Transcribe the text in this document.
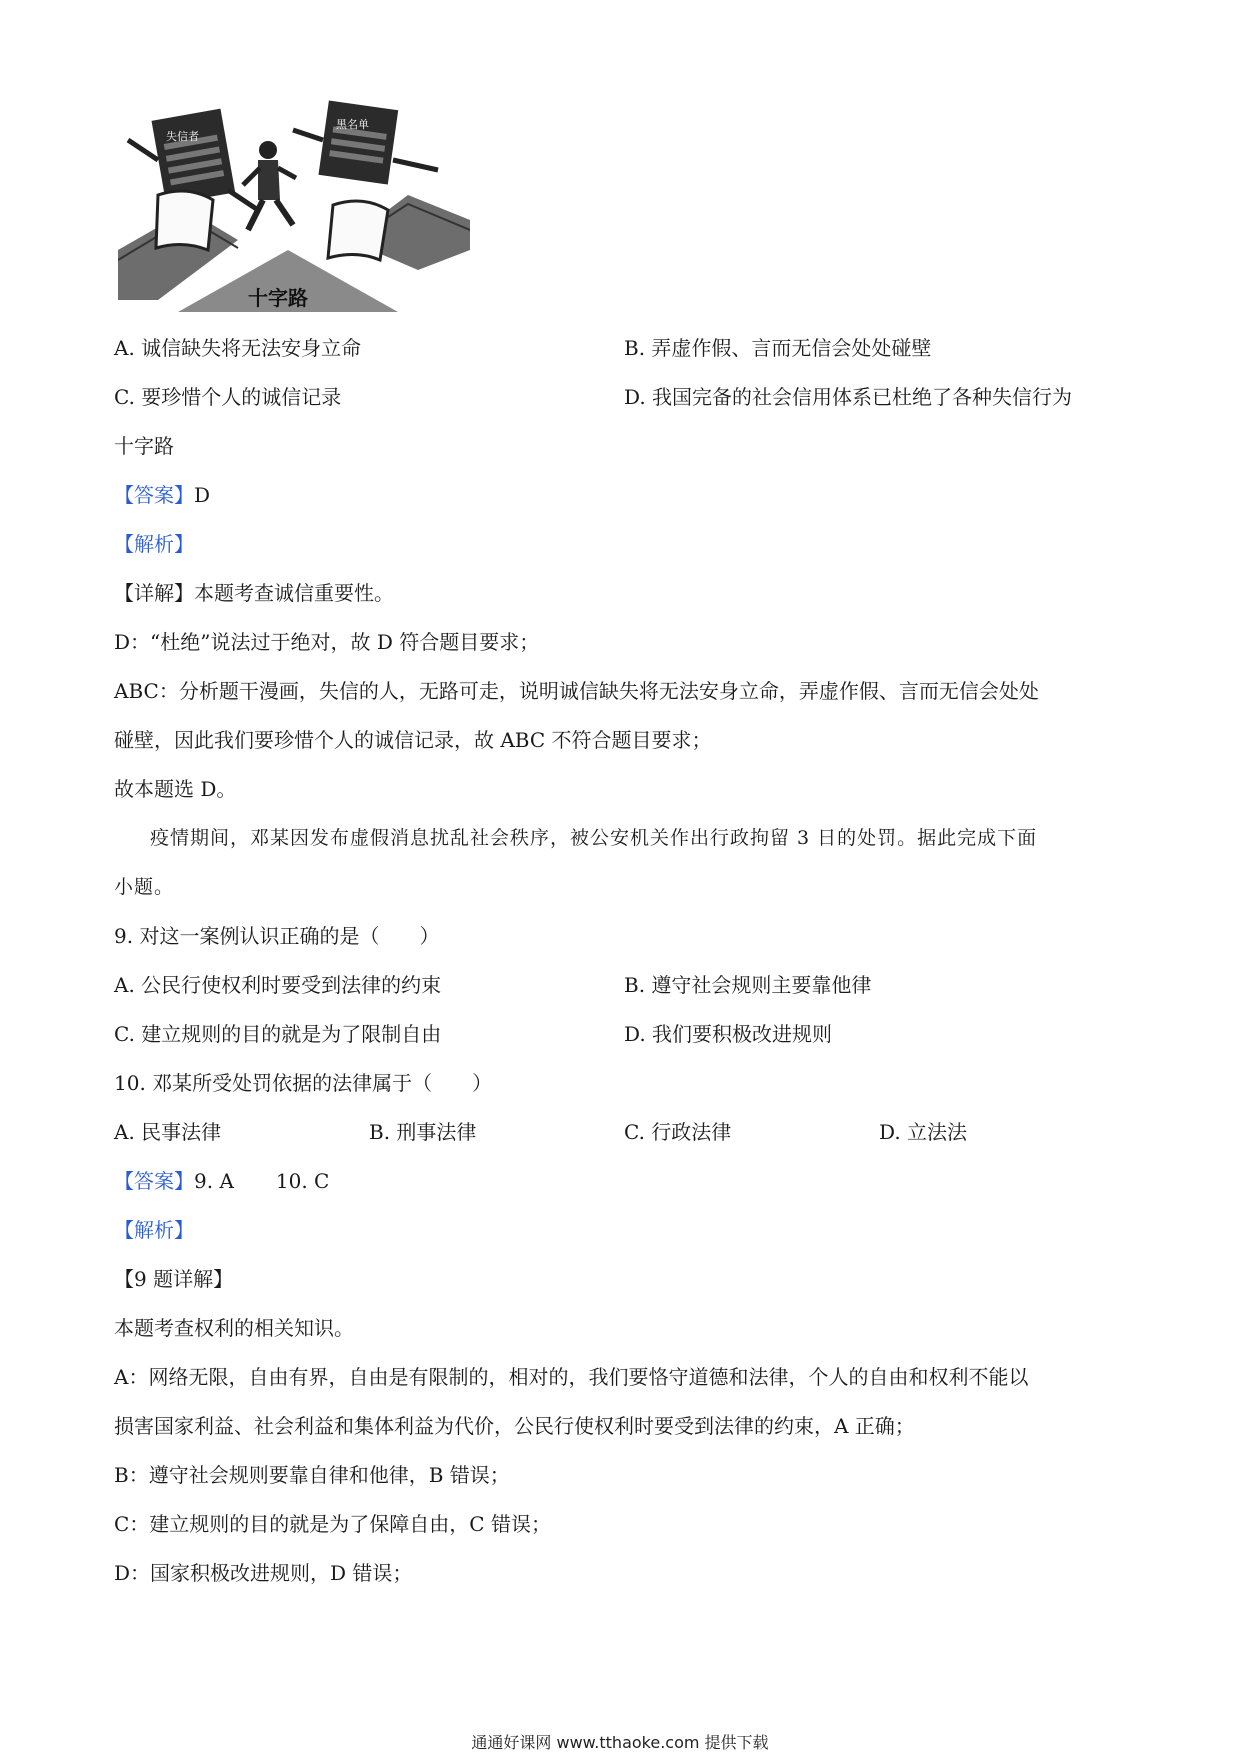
失信者
黑名单
十字路
A. 诚信缺失将无法安身立命	B. 弄虚作假、言而无信会处处碰壁
C. 要珍惜个人的诚信记录	D. 我国完备的社会信用体系已杜绝了各种失信行为
十字路
【答案】D
【解析】
【详解】本题考查诚信重要性。
D：“杜绝”说法过于绝对，故 D 符合题目要求；
ABC：分析题干漫画，失信的人，无路可走，说明诚信缺失将无法安身立命，弄虚作假、言而无信会处处
碰壁，因此我们要珍惜个人的诚信记录，故 ABC 不符合题目要求；
故本题选 D。
疫情期间，邓某因发布虚假消息扰乱社会秩序，被公安机关作出行政拘留 3 日的处罚。据此完成下面
小题。
9. 对这一案例认识正确的是（　　）
A. 公民行使权利时要受到法律的约束	B. 遵守社会规则主要靠他律
C. 建立规则的目的就是为了限制自由	D. 我们要积极改进规则
10. 邓某所受处罚依据的法律属于（　　）
A. 民事法律	B. 刑事法律	C. 行政法律	D. 立法法
【答案】9. A 10. C
【解析】
【9 题详解】
本题考查权利的相关知识。
A：网络无限，自由有界，自由是有限制的，相对的，我们要恪守道德和法律，个人的自由和权利不能以
损害国家利益、社会利益和集体利益为代价，公民行使权利时要受到法律的约束，A 正确；
B：遵守社会规则要靠自律和他律，B 错误；
C：建立规则的目的就是为了保障自由，C 错误；
D：国家积极改进规则，D 错误；
通通好课网 www.tthaoke.com 提供下载
